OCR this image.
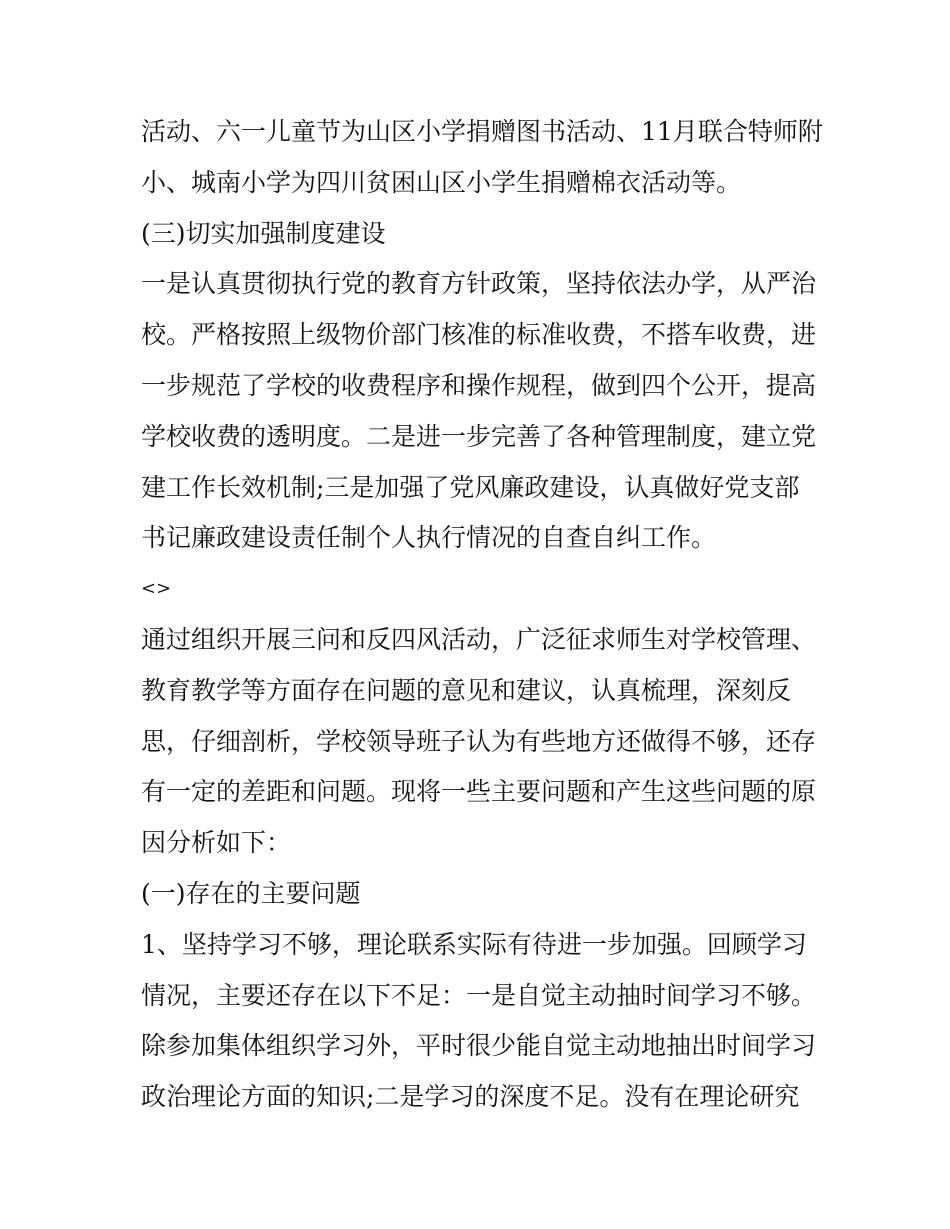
活动、六一儿童节为山区小学捐赠图书活动、11月联合特师附
小、城南小学为四川贫困山区小学生捐赠棉衣活动等。
(三)切实加强制度建设
一是认真贯彻执行党的教育方针政策，坚持依法办学，从严治
校。严格按照上级物价部门核准的标准收费，不搭车收费，进
一步规范了学校的收费程序和操作规程，做到四个公开，提高
学校收费的透明度。二是进一步完善了各种管理制度，建立党
建工作长效机制;三是加强了党风廉政建设，认真做好党支部
书记廉政建设责任制个人执行情况的自查自纠工作。
<>
通过组织开展三问和反四风活动，广泛征求师生对学校管理、
教育教学等方面存在问题的意见和建议，认真梳理，深刻反
思，仔细剖析，学校领导班子认为有些地方还做得不够，还存
有一定的差距和问题。现将一些主要问题和产生这些问题的原
因分析如下：
(一)存在的主要问题
1、坚持学习不够，理论联系实际有待进一步加强。回顾学习
情况，主要还存在以下不足：一是自觉主动抽时间学习不够。
除参加集体组织学习外，平时很少能自觉主动地抽出时间学习
政治理论方面的知识;二是学习的深度不足。没有在理论研究
